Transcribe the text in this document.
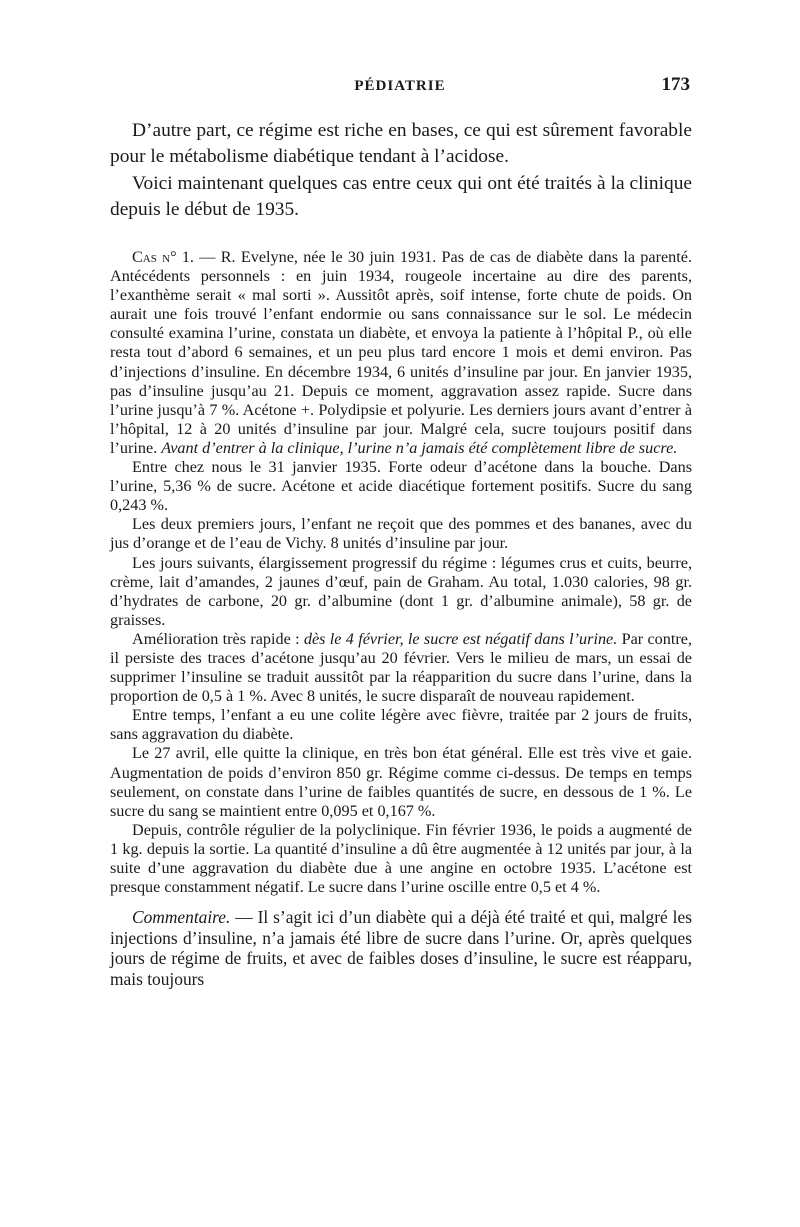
PÉDIATRIE	173

D’autre part, ce régime est riche en bases, ce qui est sûrement favorable pour le métabolisme diabétique tendant à l’acidose.

Voici maintenant quelques cas entre ceux qui ont été traités à la clinique depuis le début de 1935.

Cas n° 1. — R. Evelyne, née le 30 juin 1931. Pas de cas de diabète dans la parenté. Antécédents personnels : en juin 1934, rougeole incertaine au dire des parents, l’exanthème serait « mal sorti ». Aussitôt après, soif intense, forte chute de poids. On aurait une fois trouvé l’enfant endormie ou sans connaissance sur le sol. Le médecin consulté examina l’urine, constata un diabète, et envoya la patiente à l’hôpital P., où elle resta tout d’abord 6 semaines, et un peu plus tard encore 1 mois et demi environ. Pas d’injections d’insuline. En décembre 1934, 6 unités d’insuline par jour. En janvier 1935, pas d’insuline jusqu’au 21. Depuis ce moment, aggravation assez rapide. Sucre dans l’urine jusqu’à 7 %. Acétone +. Polydipsie et polyurie. Les derniers jours avant d’entrer à l’hôpital, 12 à 20 unités d’insuline par jour. Malgré cela, sucre toujours positif dans l’urine. Avant d’entrer à la clinique, l’urine n’a jamais été complètement libre de sucre.

Entre chez nous le 31 janvier 1935. Forte odeur d’acétone dans la bouche. Dans l’urine, 5,36 % de sucre. Acétone et acide diacétique fortement positifs. Sucre du sang 0,243 %.

Les deux premiers jours, l’enfant ne reçoit que des pommes et des bananes, avec du jus d’orange et de l’eau de Vichy. 8 unités d’insuline par jour.

Les jours suivants, élargissement progressif du régime : légumes crus et cuits, beurre, crème, lait d’amandes, 2 jaunes d’œuf, pain de Graham. Au total, 1.030 calories, 98 gr. d’hydrates de carbone, 20 gr. d’albumine (dont 1 gr. d’albumine animale), 58 gr. de graisses.

Amélioration très rapide : dès le 4 février, le sucre est négatif dans l’urine. Par contre, il persiste des traces d’acétone jusqu’au 20 février. Vers le milieu de mars, un essai de supprimer l’insuline se traduit aussitôt par la réapparition du sucre dans l’urine, dans la proportion de 0,5 à 1 %. Avec 8 unités, le sucre disparaît de nouveau rapidement.

Entre temps, l’enfant a eu une colite légère avec fièvre, traitée par 2 jours de fruits, sans aggravation du diabète.

Le 27 avril, elle quitte la clinique, en très bon état général. Elle est très vive et gaie. Augmentation de poids d’environ 850 gr. Régime comme ci-dessus. De temps en temps seulement, on constate dans l’urine de faibles quantités de sucre, en dessous de 1 %. Le sucre du sang se maintient entre 0,095 et 0,167 %.

Depuis, contrôle régulier de la polyclinique. Fin février 1936, le poids a augmenté de 1 kg. depuis la sortie. La quantité d’insuline a dû être augmentée à 12 unités par jour, à la suite d’une aggravation du diabète due à une angine en octobre 1935. L’acétone est presque constamment négatif. Le sucre dans l’urine oscille entre 0,5 et 4 %.

Commentaire. — Il s’agit ici d’un diabète qui a déjà été traité et qui, malgré les injections d’insuline, n’a jamais été libre de sucre dans l’urine. Or, après quelques jours de régime de fruits, et avec de faibles doses d’insuline, le sucre est réapparu, mais toujours
